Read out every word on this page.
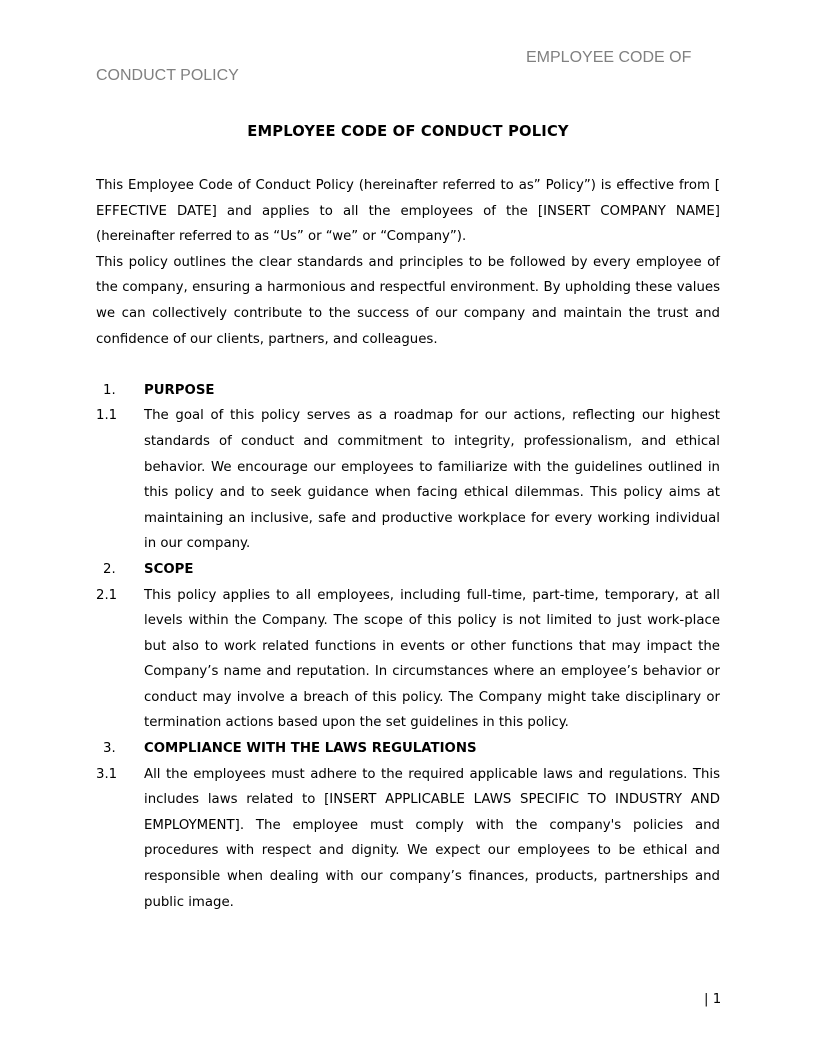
EMPLOYEE CODE OF
CONDUCT POLICY
EMPLOYEE CODE OF CONDUCT POLICY

This Employee Code of Conduct Policy (hereinafter referred to as” Policy”) is effective from [ EFFECTIVE DATE] and applies to all the employees of the [INSERT COMPANY NAME] (hereinafter referred to as “Us” or “we” or “Company”).

This policy outlines the clear standards and principles to be followed by every employee of the company, ensuring a harmonious and respectful environment. By upholding these values we can collectively contribute to the success of our company and maintain the trust and confidence of our clients, partners, and colleagues.

1.	PURPOSE
1.1	The goal of this policy serves as a roadmap for our actions, reflecting our highest standards of conduct and commitment to integrity, professionalism, and ethical behavior. We encourage our employees to familiarize with the guidelines outlined in this policy and to seek guidance when facing ethical dilemmas. This policy aims at maintaining an inclusive, safe and productive workplace for every working individual in our company.
2.	SCOPE
2.1	This policy applies to all employees, including full-time, part-time, temporary, at all levels within the Company. The scope of this policy is not limited to just work-place but also to work related functions in events or other functions that may impact the Company’s name and reputation. In circumstances where an employee’s behavior or conduct may involve a breach of this policy. The Company might take disciplinary or termination actions based upon the set guidelines in this policy.
3.	COMPLIANCE WITH THE LAWS REGULATIONS
3.1	All the employees must adhere to the required applicable laws and regulations. This includes laws related to [INSERT APPLICABLE LAWS SPECIFIC TO INDUSTRY AND EMPLOYMENT]. The employee must comply with the company's policies and procedures with respect and dignity. We expect our employees to be ethical and responsible when dealing with our company’s finances, products, partnerships and public image.
| 1
